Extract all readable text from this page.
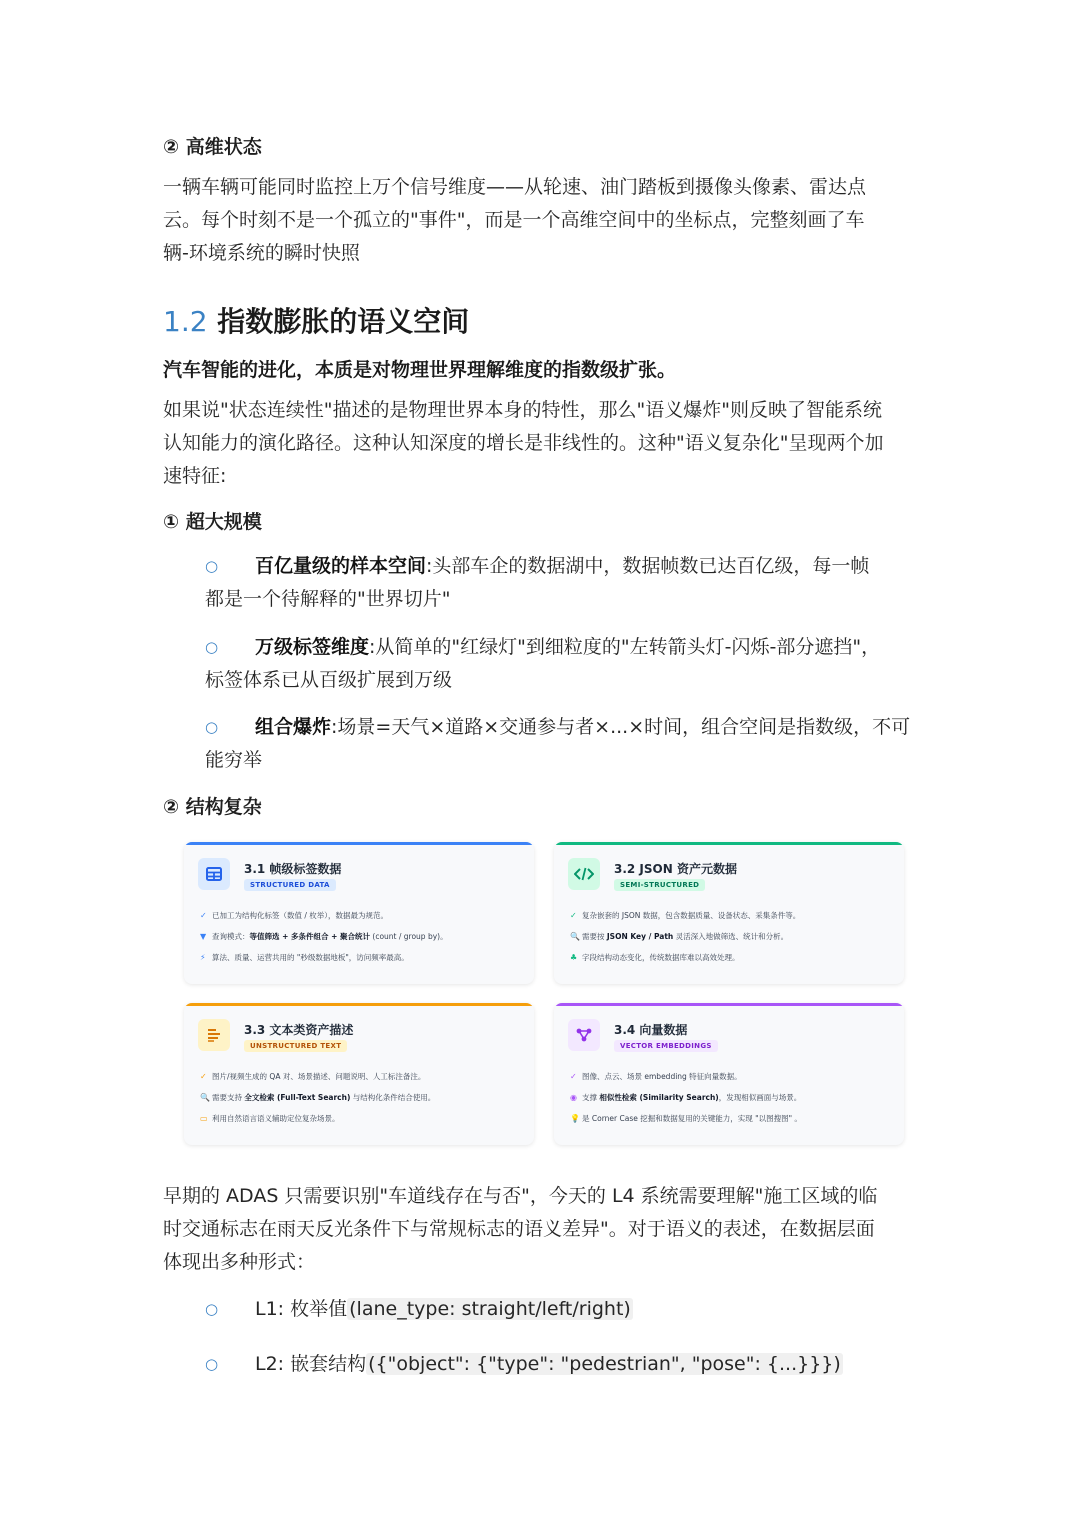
② 高维状态
一辆车辆可能同时监控上万个信号维度——从轮速、油门踏板到摄像头像素、雷达点
云。每个时刻不是一个孤立的"事件"，而是一个高维空间中的坐标点，完整刻画了车
辆-环境系统的瞬时快照
1.2 指数膨胀的语义空间
汽车智能的进化，本质是对物理世界理解维度的指数级扩张。
如果说"状态连续性"描述的是物理世界本身的特性，那么"语义爆炸"则反映了智能系统
认知能力的演化路径。这种认知深度的增长是非线性的。这种"语义复杂化"呈现两个加
速特征:
① 超大规模
○ 百亿量级的样本空间:头部车企的数据湖中，数据帧数已达百亿级，每一帧
都是一个待解释的"世界切片"
○ 万级标签维度:从简单的"红绿灯"到细粒度的"左转箭头灯-闪烁-部分遮挡"，
标签体系已从百级扩展到万级
○ 组合爆炸:场景=天气×道路×交通参与者×...×时间，组合空间是指数级，不可
能穷举
② 结构复杂
3.1 帧级标签数据
STRUCTURED DATA
✓ 已加工为结构化标签（数值 / 枚举），数据最为规范。
▼ 查询模式：等值筛选 + 多条件组合 + 聚合统计 (count / group by)。
⚡ 算法、质量、运营共用的 "秒级数据地板"，访问频率最高。
3.2 JSON 资产元数据
SEMI-STRUCTURED
✓ 复杂嵌套的 JSON 数据，包含数据质量、设备状态、采集条件等。
🔍 需要按 JSON Key / Path 灵活深入地做筛选、统计和分析。
♣ 字段结构动态变化，传统数据库难以高效处理。
3.3 文本类资产描述
UNSTRUCTURED TEXT
✓ 图片/视频生成的 QA 对、场景描述、问题说明、人工标注备注。
🔍 需要支持 全文检索 (Full-Text Search) 与结构化条件结合使用。
▭ 利用自然语言语义辅助定位复杂场景。
3.4 向量数据
VECTOR EMBEDDINGS
✓ 图像、点云、场景 embedding 特征向量数据。
◉ 支撑 相似性检索 (Similarity Search)，发现相似画面与场景。
💡 是 Corner Case 挖掘和数据复用的关键能力，实现 "以图搜图" 。
早期的 ADAS 只需要识别"车道线存在与否"，今天的 L4 系统需要理解"施工区域的临
时交通标志在雨天反光条件下与常规标志的语义差异"。对于语义的表述，在数据层面
体现出多种形式：
○ L1: 枚举值 (lane_type: straight/left/right)
○ L2: 嵌套结构 ({"object": {"type": "pedestrian", "pose": {...}}})
